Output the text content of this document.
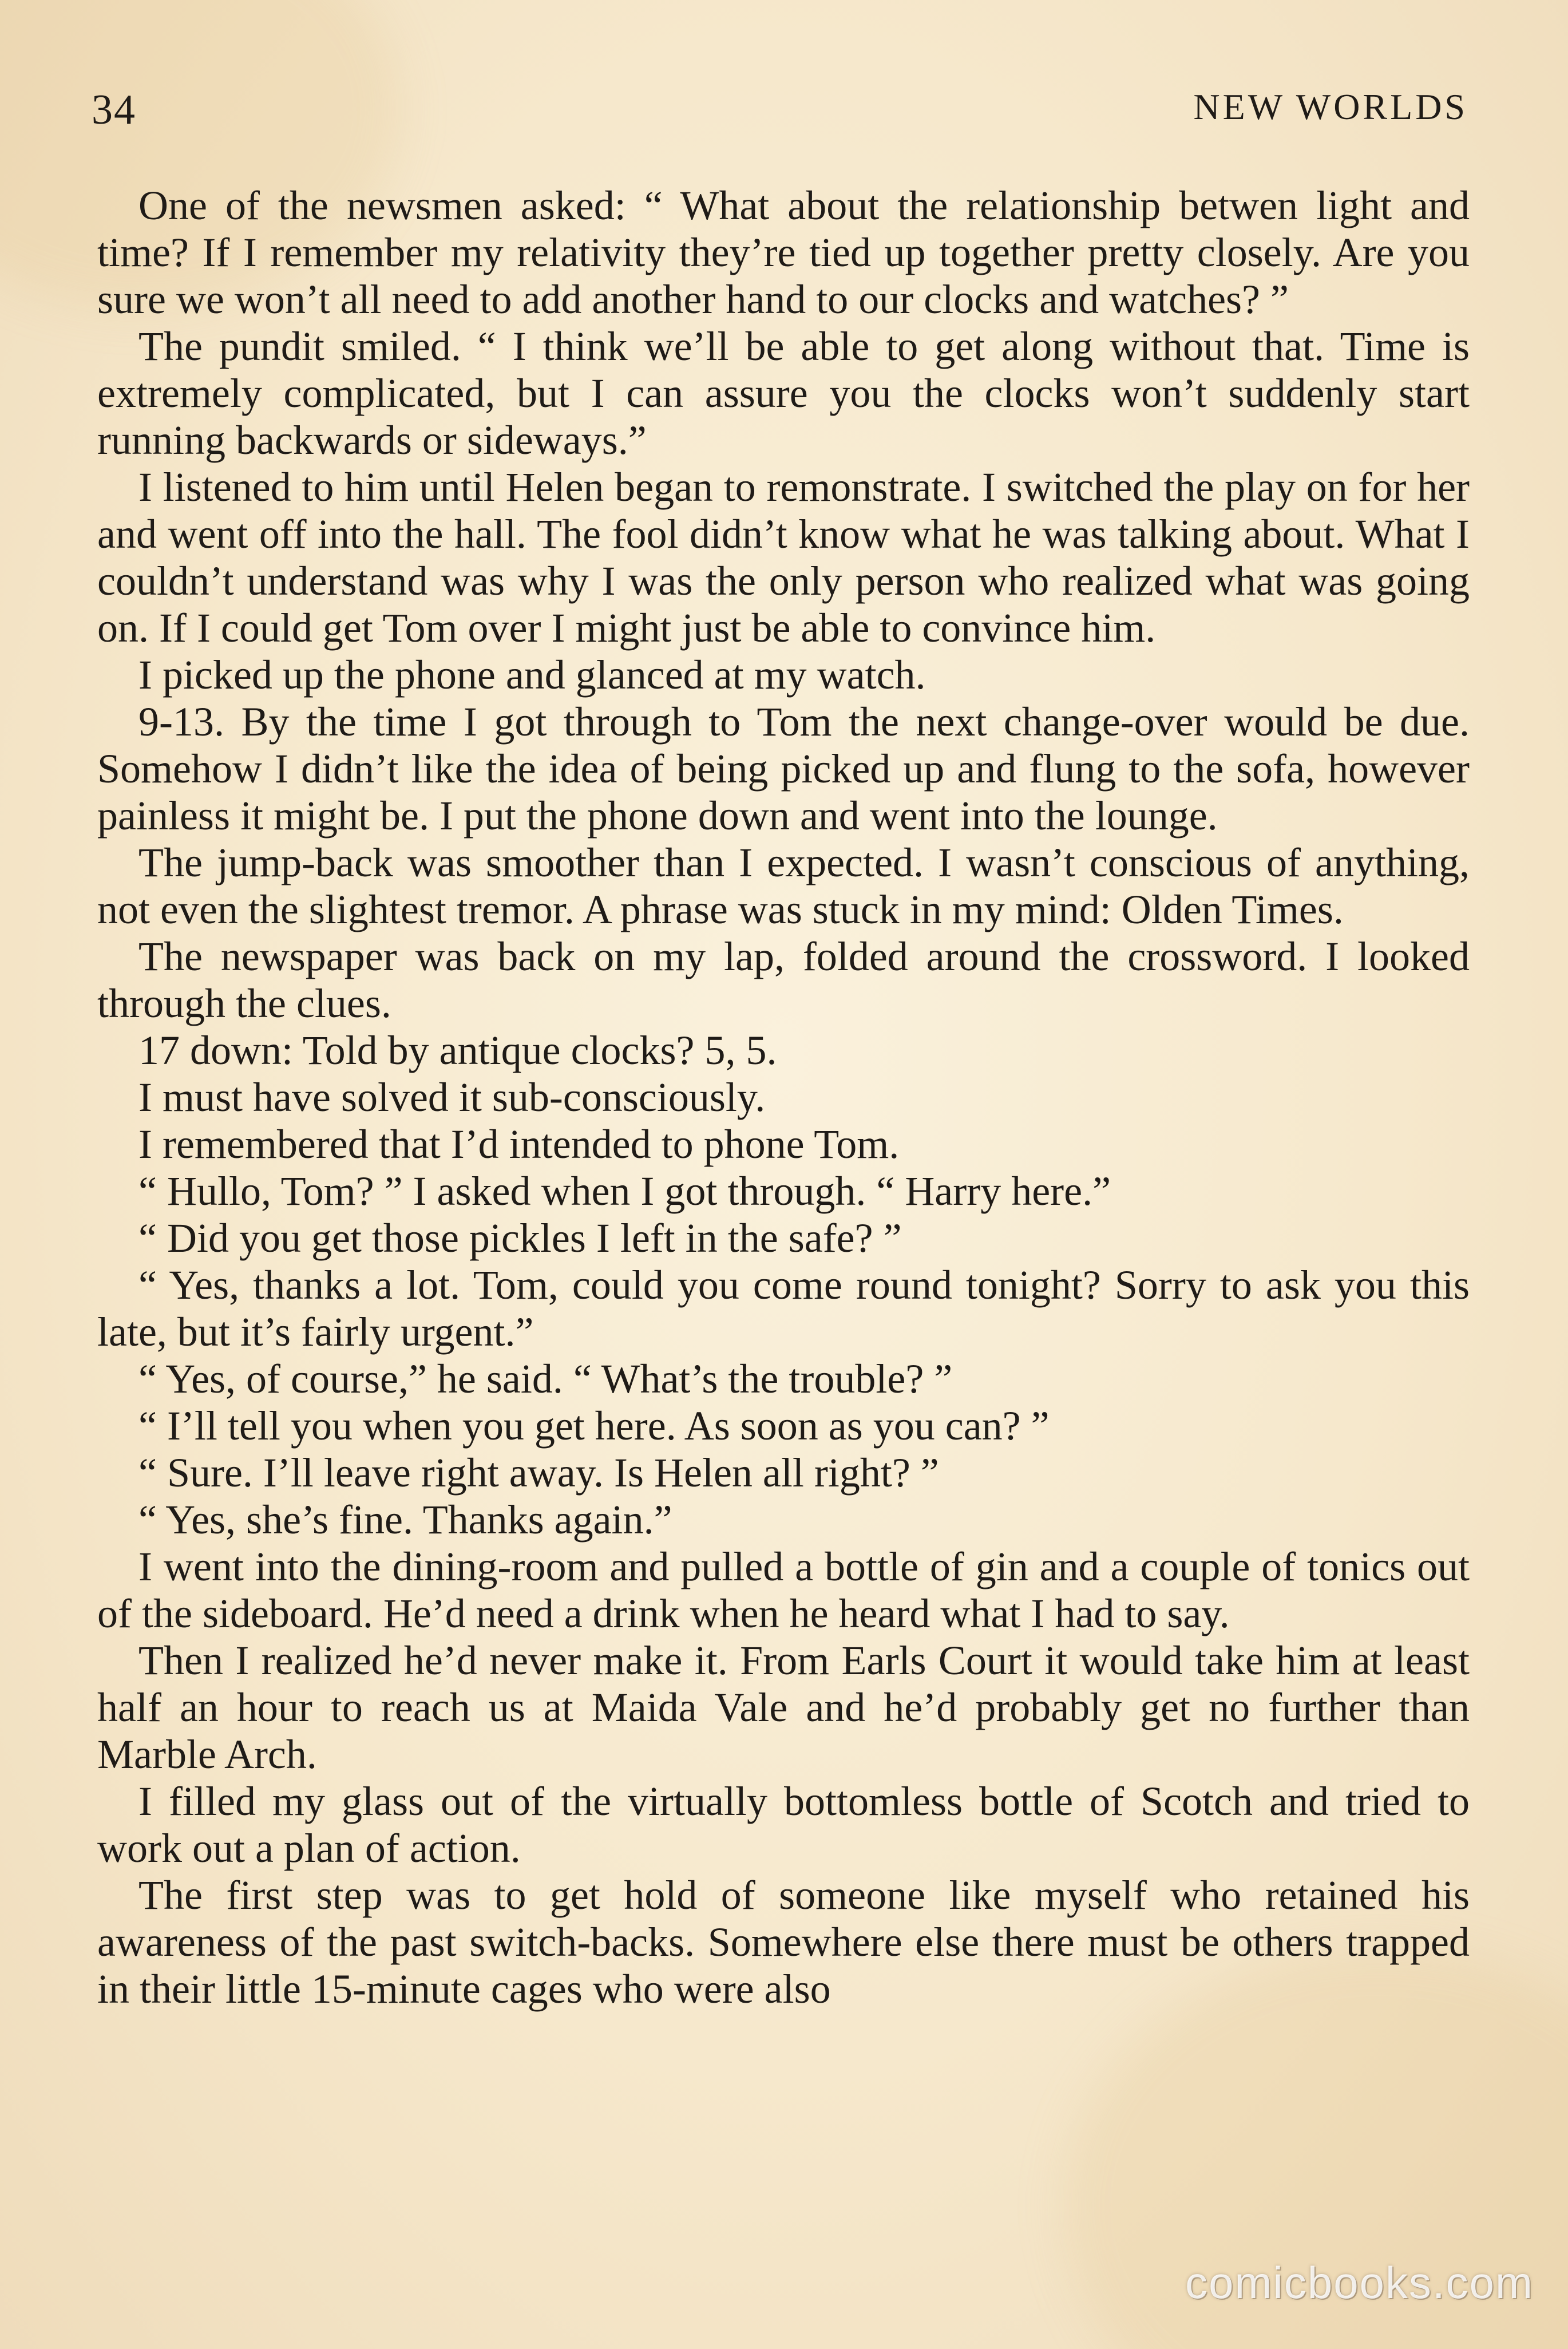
34	NEW WORLDS

One of the newsmen asked: “ What about the relationship betwen light and time? If I remember my relativity they’re tied up together pretty closely. Are you sure we won’t all need to add another hand to our clocks and watches? ”

The pundit smiled. “ I think we’ll be able to get along without that. Time is extremely complicated, but I can assure you the clocks won’t suddenly start running backwards or sideways.”

I listened to him until Helen began to remonstrate. I switched the play on for her and went off into the hall. The fool didn’t know what he was talking about. What I couldn’t understand was why I was the only person who realized what was going on. If I could get Tom over I might just be able to convince him.

I picked up the phone and glanced at my watch.

9-13. By the time I got through to Tom the next change-over would be due. Somehow I didn’t like the idea of being picked up and flung to the sofa, however painless it might be. I put the phone down and went into the lounge.

The jump-back was smoother than I expected. I wasn’t conscious of anything, not even the slightest tremor. A phrase was stuck in my mind: Olden Times.

The newspaper was back on my lap, folded around the crossword. I looked through the clues.

17 down: Told by antique clocks? 5, 5.

I must have solved it sub-consciously.

I remembered that I’d intended to phone Tom.

“ Hullo, Tom? ” I asked when I got through. “ Harry here.”

“ Did you get those pickles I left in the safe? ”

“ Yes, thanks a lot. Tom, could you come round tonight? Sorry to ask you this late, but it’s fairly urgent.”

“ Yes, of course,” he said. “ What’s the trouble? ”

“ I’ll tell you when you get here. As soon as you can? ”

“ Sure. I’ll leave right away. Is Helen all right? ”

“ Yes, she’s fine. Thanks again.”

I went into the dining-room and pulled a bottle of gin and a couple of tonics out of the sideboard. He’d need a drink when he heard what I had to say.

Then I realized he’d never make it. From Earls Court it would take him at least half an hour to reach us at Maida Vale and he’d probably get no further than Marble Arch.

I filled my glass out of the virtually bottomless bottle of Scotch and tried to work out a plan of action.

The first step was to get hold of someone like myself who retained his awareness of the past switch-backs. Somewhere else there must be others trapped in their little 15-minute cages who were also

comicbooks.com
